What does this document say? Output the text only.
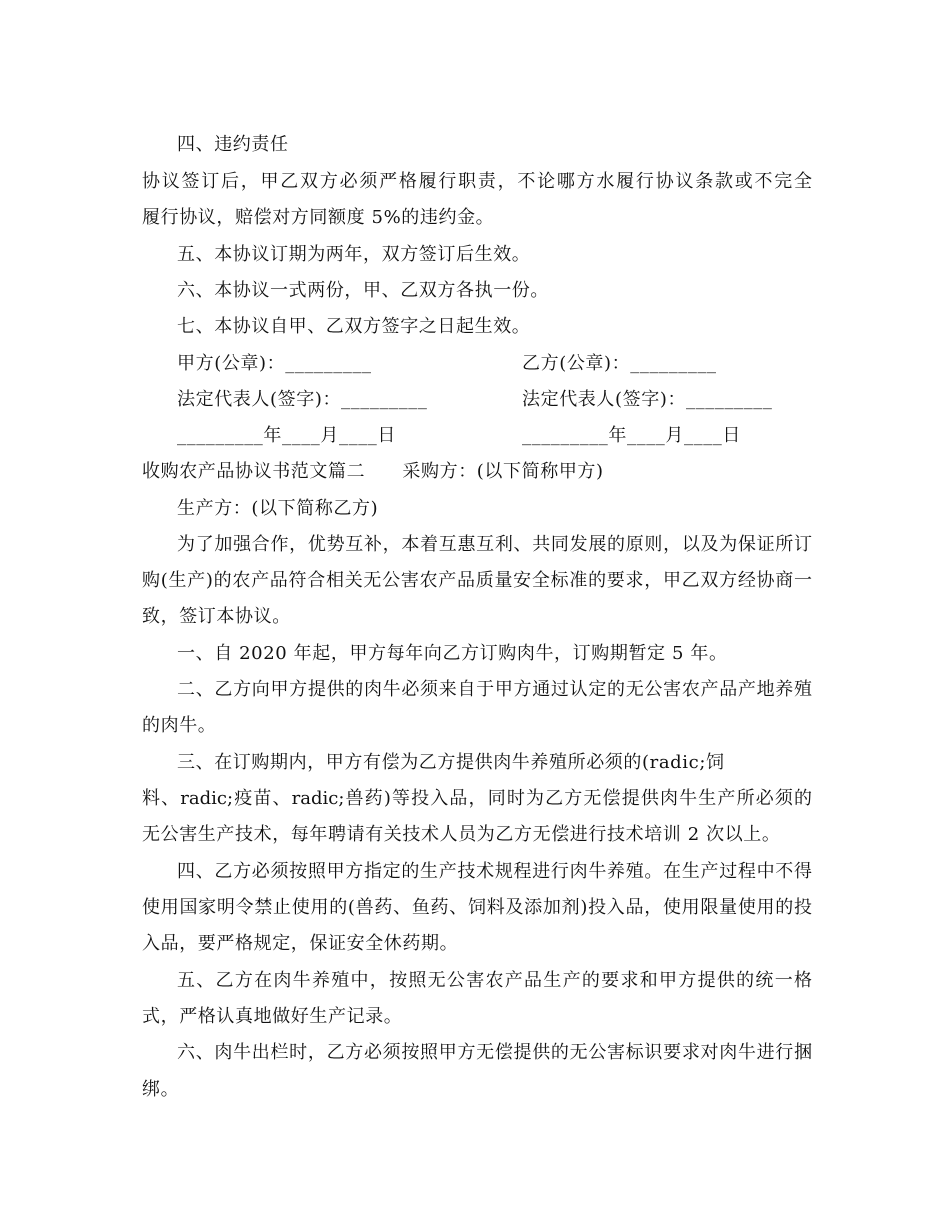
四、违约责任
协议签订后，甲乙双方必须严格履行职责，不论哪方水履行协议条款或不完全
履行协议，赔偿对方同额度 5%的违约金。
五、本协议订期为两年，双方签订后生效。
六、本协议一式两份，甲、乙双方各执一份。
七、本协议自甲、乙双方签字之日起生效。
甲方(公章)：_________	乙方(公章)：_________
法定代表人(签字)：_________	法定代表人(签字)：_________
_________年____月____日	_________年____月____日
收购农产品协议书范文篇二　　采购方：(以下简称甲方)
生产方：(以下简称乙方)
为了加强合作，优势互补，本着互惠互利、共同发展的原则，以及为保证所订
购(生产)的农产品符合相关无公害农产品质量安全标准的要求，甲乙双方经协商一
致，签订本协议。
一、自 2020 年起，甲方每年向乙方订购肉牛，订购期暂定 5 年。
二、乙方向甲方提供的肉牛必须来自于甲方通过认定的无公害农产品产地养殖
的肉牛。
三、在订购期内，甲方有偿为乙方提供肉牛养殖所必须的(radic;饲
料、radic;疫苗、radic;兽药)等投入品，同时为乙方无偿提供肉牛生产所必须的
无公害生产技术，每年聘请有关技术人员为乙方无偿进行技术培训 2 次以上。
四、乙方必须按照甲方指定的生产技术规程进行肉牛养殖。在生产过程中不得
使用国家明令禁止使用的(兽药、鱼药、饲料及添加剂)投入品，使用限量使用的投
入品，要严格规定，保证安全休药期。
五、乙方在肉牛养殖中，按照无公害农产品生产的要求和甲方提供的统一格
式，严格认真地做好生产记录。
六、肉牛出栏时，乙方必须按照甲方无偿提供的无公害标识要求对肉牛进行捆
绑。
